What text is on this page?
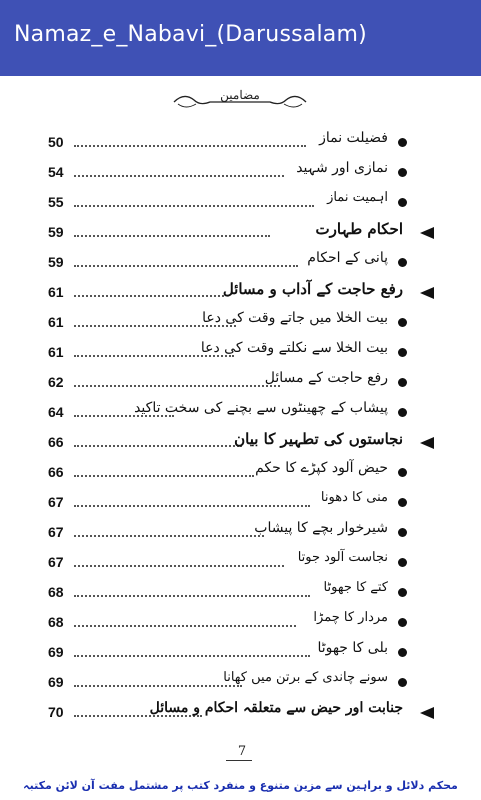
Namaz_e_Nabavi_(Darussalam)
مضامین
50	فضیلت نماز
54	نمازی اور شہید
55	اہمیت نماز
59	احکام طہارت
59	پانی کے احکام
61	رفع حاجت کے آداب و مسائل
61	بیت الخلا میں جاتے وقت کی دعا
61	بیت الخلا سے نکلتے وقت کی دعا
62	رفع حاجت کے مسائل
64	پیشاب کے چھینٹوں سے بچنے کی سخت تاکید
66	نجاستوں کی تطہیر کا بیان
66	حیض آلود کپڑے کا حکم
67	منی کا دھونا
67	شیرخوار بچے کا پیشاب
67	نجاست آلود جوتا
68	کتے کا جھوٹا
68	مردار کا چمڑا
69	بلی کا جھوٹا
69	سونے چاندی کے برتن میں کھانا
70	جنابت اور حیض سے متعلقہ احکام و مسائل
7
محکم دلائل و براہین سے مزین متنوع و منفرد کتب پر مشتمل مفت آن لائن مکتبہ
